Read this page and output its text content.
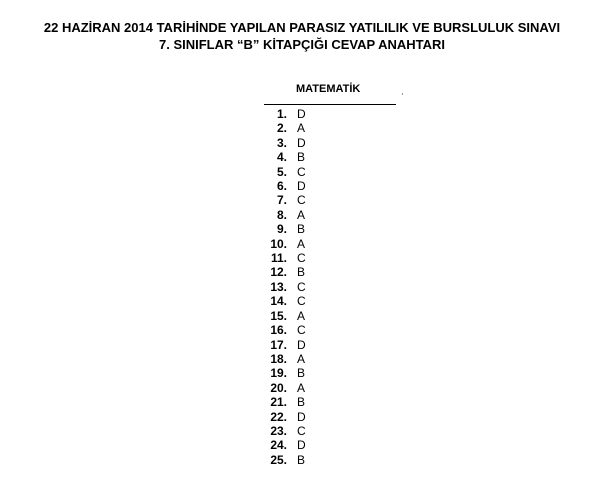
22 HAZİRAN 2014 TARİHİNDE YAPILAN PARASIZ YATILILIK VE BURSLULUK SINAVI
7. SINIFLAR “B” KİTAPÇIĞI CEVAP ANAHTARI
MATEMATİK
1. D
2. A
3. D
4. B
5. C
6. D
7. C
8. A
9. B
10. A
11. C
12. B
13. C
14. C
15. A
16. C
17. D
18. A
19. B
20. A
21. B
22. D
23. C
24. D
25. B
